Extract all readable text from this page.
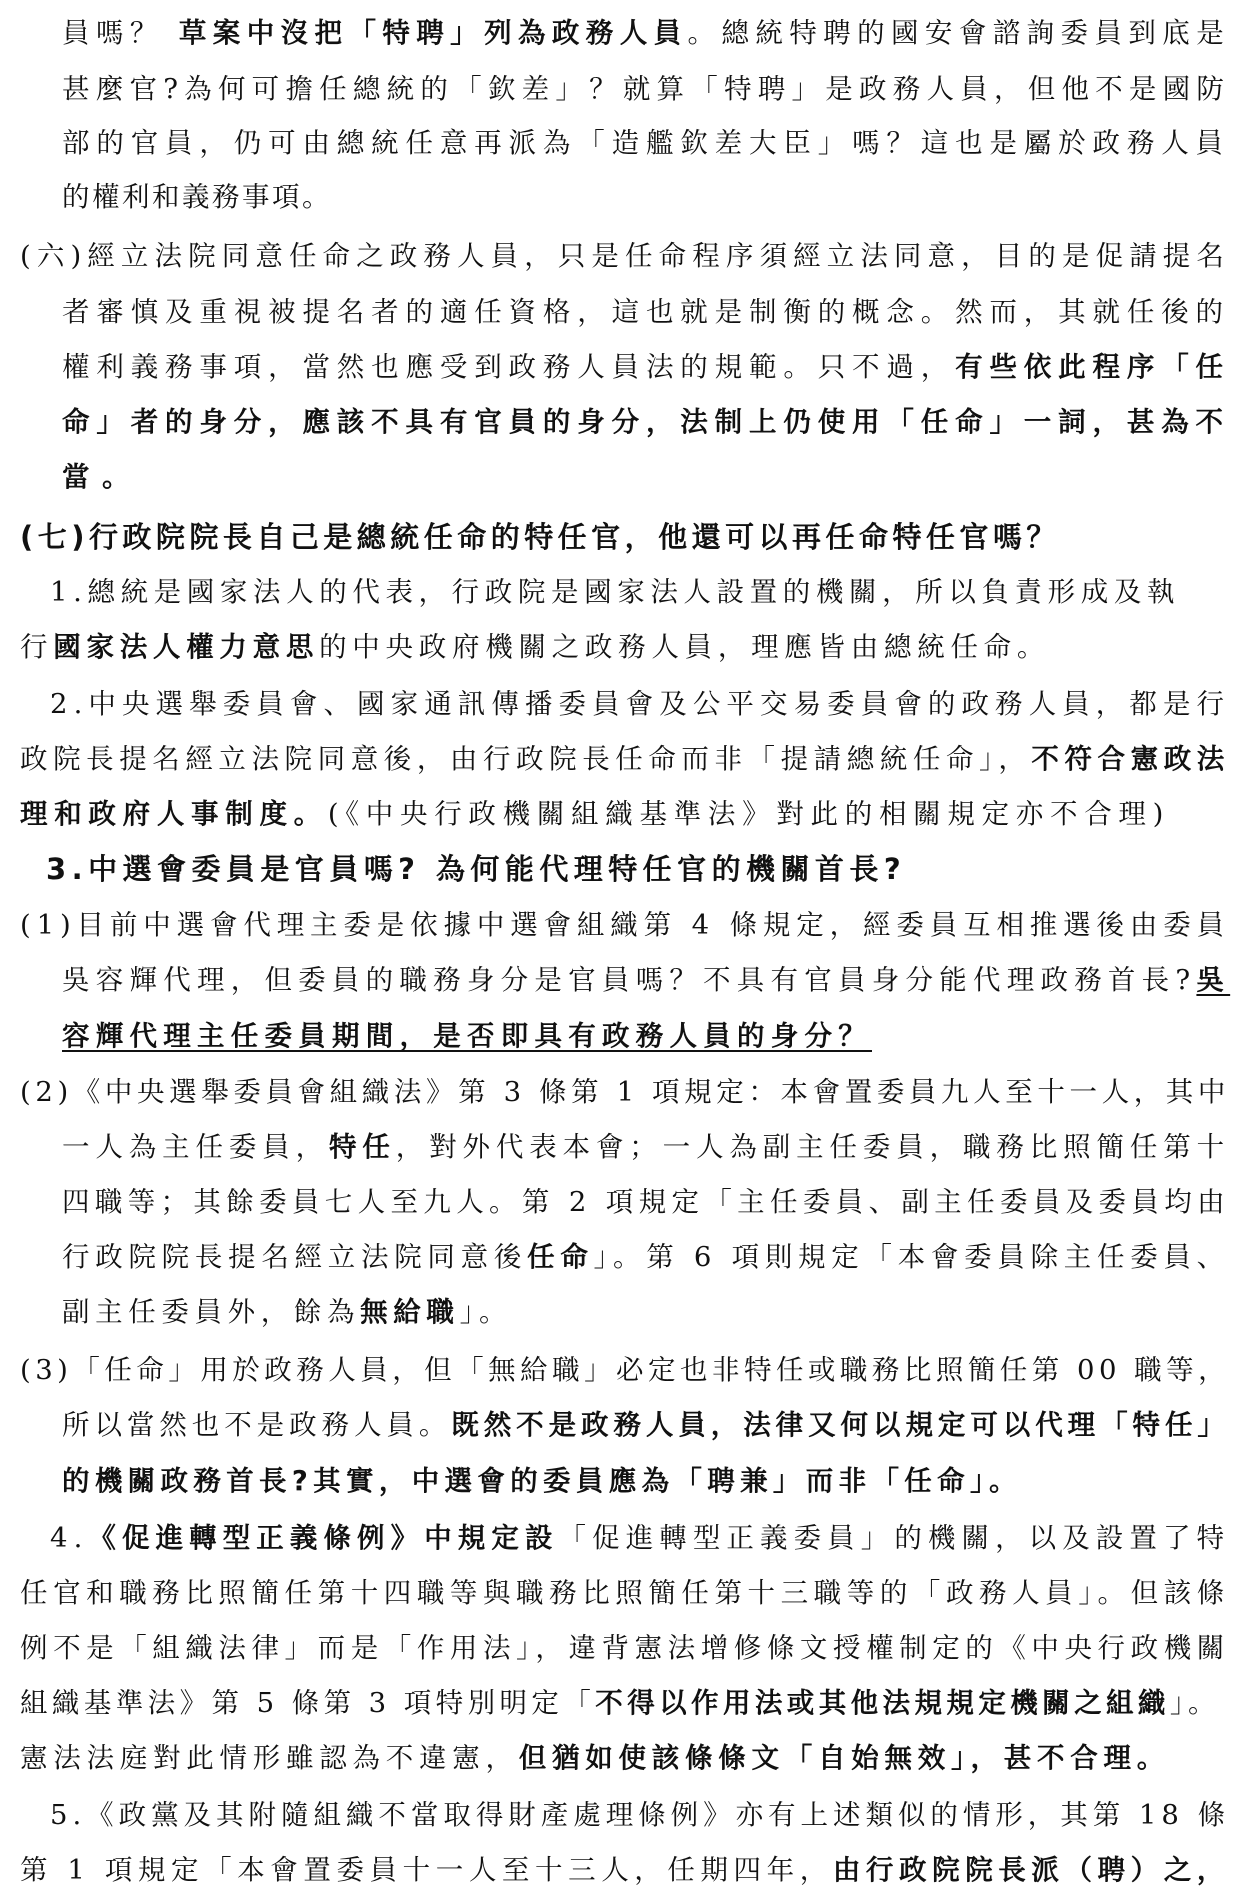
員嗎？ 草案中沒把「特聘」列為政務人員。總統特聘的國安會諮詢委員到底是
甚麼官?為何可擔任總統的「欽差」？就算「特聘」是政務人員，但他不是國防
部的官員，仍可由總統任意再派為「造艦欽差大臣」嗎？這也是屬於政務人員
的權利和義務事項。
(六)經立法院同意任命之政務人員，只是任命程序須經立法同意，目的是促請提名
者審慎及重視被提名者的適任資格，這也就是制衡的概念。然而，其就任後的
權利義務事項，當然也應受到政務人員法的規範。只不過，有些依此程序「任
命」者的身分，應該不具有官員的身分，法制上仍使用「任命」一詞，甚為不
當。
(七)行政院院長自己是總統任命的特任官，他還可以再任命特任官嗎？
1.總統是國家法人的代表，行政院是國家法人設置的機關，所以負責形成及執
行國家法人權力意思的中央政府機關之政務人員，理應皆由總統任命。
2.中央選舉委員會、國家通訊傳播委員會及公平交易委員會的政務人員，都是行
政院長提名經立法院同意後，由行政院長任命而非「提請總統任命」，不符合憲政法
理和政府人事制度。(《中央行政機關組織基準法》對此的相關規定亦不合理)
3.中選會委員是官員嗎? 為何能代理特任官的機關首長?
(1)目前中選會代理主委是依據中選會組織第 4 條規定，經委員互相推選後由委員
吳容輝代理，但委員的職務身分是官員嗎？不具有官員身分能代理政務首長?吳
容輝代理主任委員期間，是否即具有政務人員的身分？
(2)《中央選舉委員會組織法》第 3 條第 1 項規定：本會置委員九人至十一人，其中
一人為主任委員，特任，對外代表本會；一人為副主任委員，職務比照簡任第十
四職等；其餘委員七人至九人。第 2 項規定「主任委員、副主任委員及委員均由
行政院院長提名經立法院同意後任命」。第 6 項則規定「本會委員除主任委員、
副主任委員外，餘為無給職」。
(3)「任命」用於政務人員，但「無給職」必定也非特任或職務比照簡任第 00 職等，
所以當然也不是政務人員。既然不是政務人員，法律又何以規定可以代理「特任」
的機關政務首長?其實，中選會的委員應為「聘兼」而非「任命」。
4.《促進轉型正義條例》中規定設「促進轉型正義委員」的機關，以及設置了特
任官和職務比照簡任第十四職等與職務比照簡任第十三職等的「政務人員」。但該條
例不是「組織法律」而是「作用法」，違背憲法增修條文授權制定的《中央行政機關
組織基準法》第 5 條第 3 項特別明定「不得以作用法或其他法規規定機關之組織」。
憲法法庭對此情形雖認為不違憲，但猶如使該條條文「自始無效」，甚不合理。
5.《政黨及其附隨組織不當取得財產處理條例》亦有上述類似的情形，其第 18 條
第 1 項規定「本會置委員十一人至十三人，任期四年，由行政院院長派（聘）之，
